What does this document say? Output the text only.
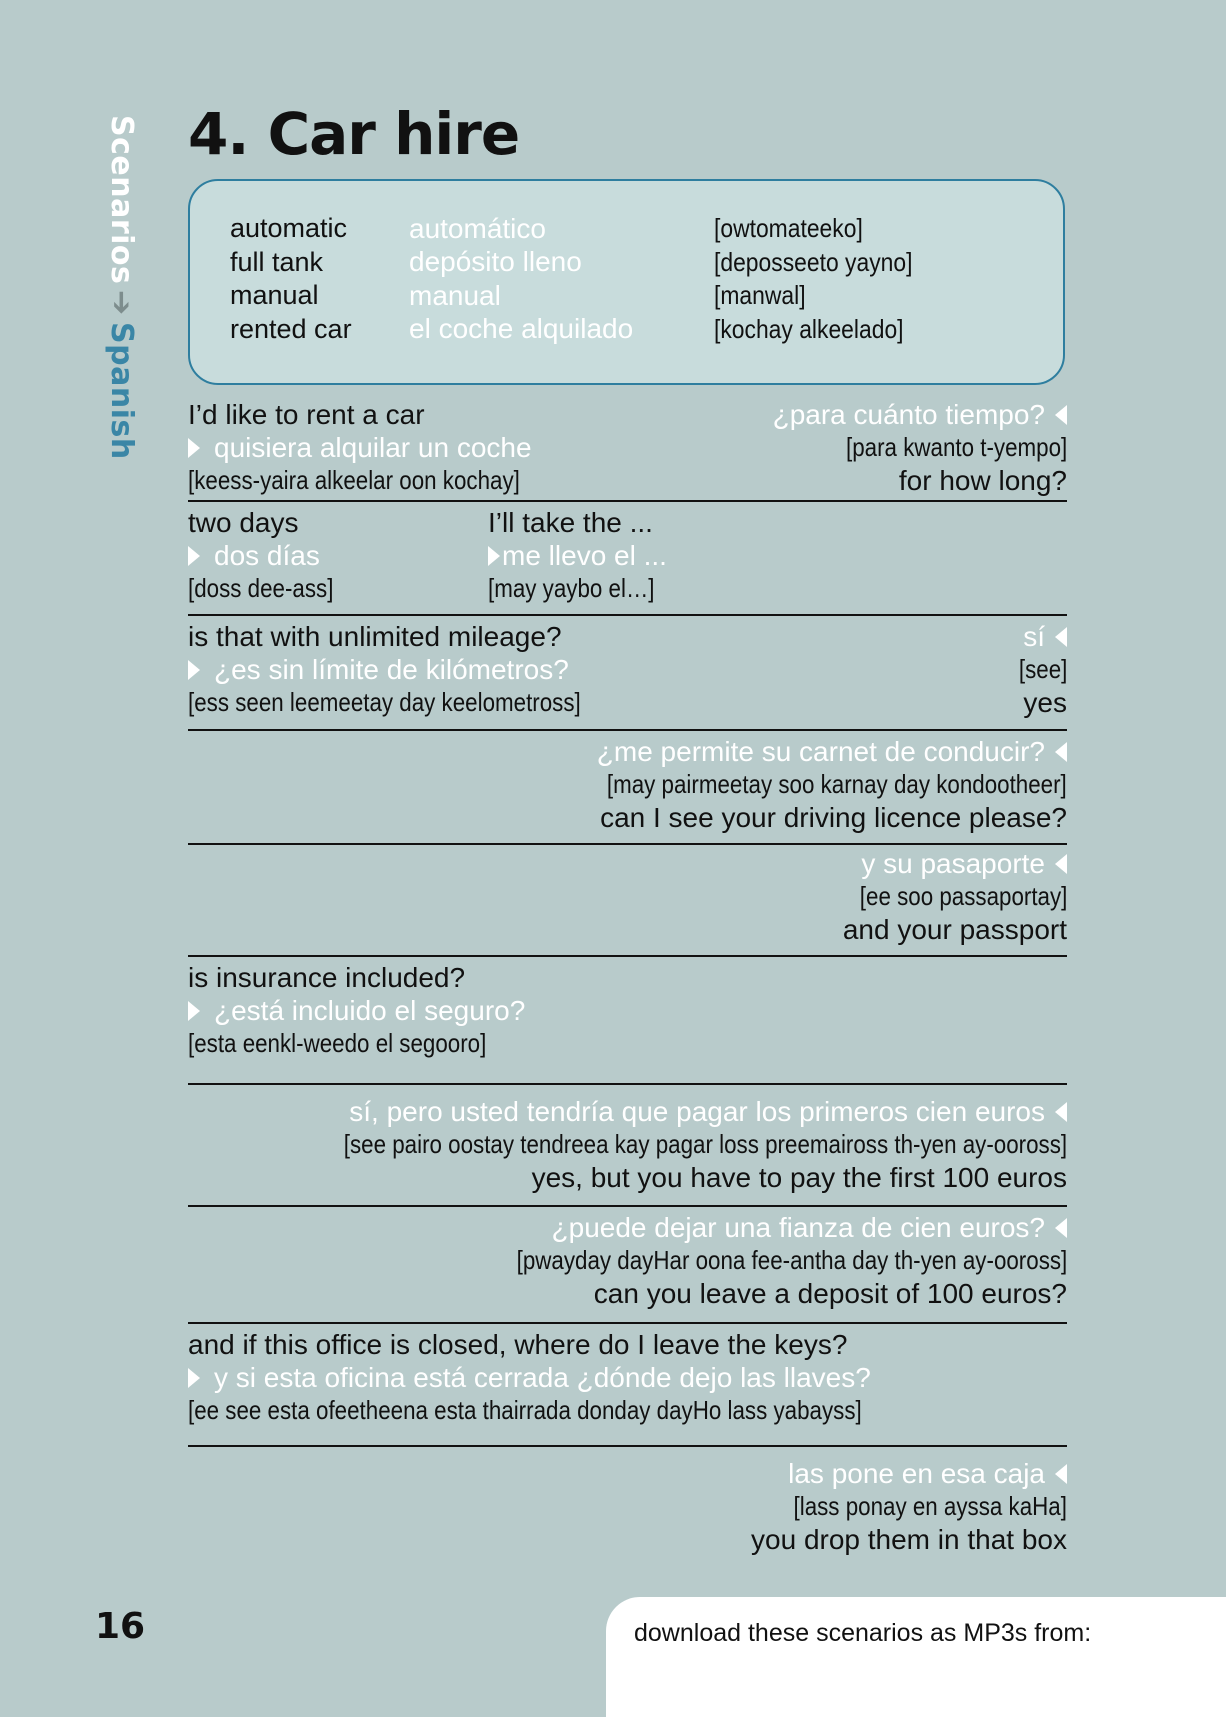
Scenarios➔Spanish
4. Car hire
automatic	automático	[owtomateeko]
full tank	depósito lleno	[deposseeto yayno]
manual	manual	[manwal]
rented car	el coche alquilado	[kochay alkeelado]
I’d like to rent a car
quisiera alquilar un coche
[keess-yaira alkeelar oon kochay]
¿para cuánto tiempo?
[para kwanto t-yempo]
for how long?
two days
dos días
[doss dee-ass]
I’ll take the ...
me llevo el ...
[may yaybo el…]
is that with unlimited mileage?
¿es sin límite de kilómetros?
[ess seen leemeetay day keelometross]
sí
[see]
yes
¿me permite su carnet de conducir?
[may pairmeetay soo karnay day kondootheer]
can I see your driving licence please?
y su pasaporte
[ee soo passaportay]
and your passport
is insurance included?
¿está incluido el seguro?
[esta eenkl-weedo el segooro]
sí, pero usted tendría que pagar los primeros cien euros
[see pairo oostay tendreea kay pagar loss preemaiross th-yen ay-ooross]
yes, but you have to pay the first 100 euros
¿puede dejar una fianza de cien euros?
[pwayday dayHar oona fee-antha day th-yen ay-ooross]
can you leave a deposit of 100 euros?
and if this office is closed, where do I leave the keys?
y si esta oficina está cerrada ¿dónde dejo las llaves?
[ee see esta ofeetheena esta thairrada donday dayHo lass yabayss]
las pone en esa caja
[lass ponay en ayssa kaHa]
you drop them in that box
16	download these scenarios as MP3s from:
